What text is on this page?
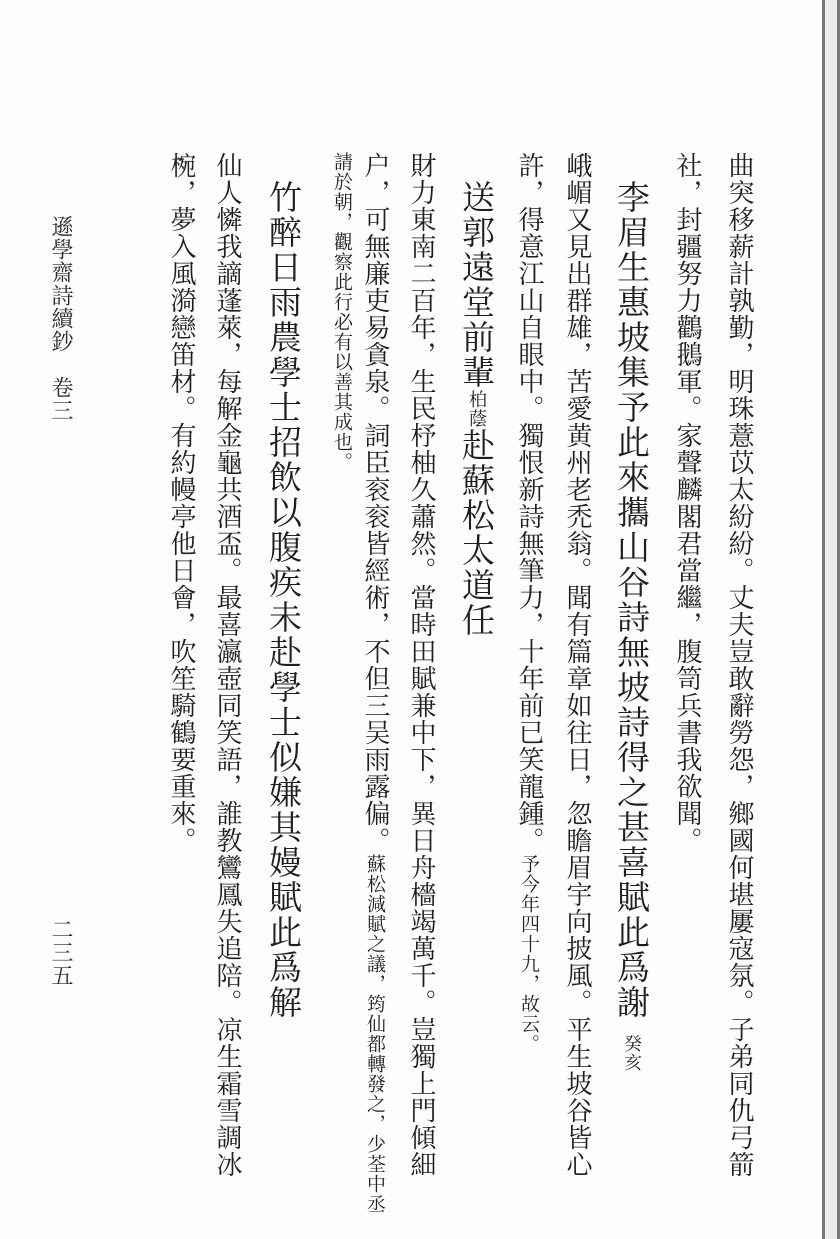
曲突移薪計孰勤，明珠薏苡太紛紛。丈夫豈敢辭勞怨，鄉國何堪屢寇氛。子弟同仇弓箭
社，封疆努力鸛鵝軍。家聲麟閣君當繼，腹笥兵書我欲聞。
李眉生惠坡集予此來攜山谷詩無坡詩得之甚喜賦此爲謝癸亥
峨嵋又見出群雄，苦愛黄州老禿翁。聞有篇章如往日，忽瞻眉宇向披風。平生坡谷皆心
許，得意江山自眼中。獨恨新詩無筆力，十年前已笑龍鍾。予今年四十九，故云。
送郭遠堂前輩柏蔭赴蘇松太道任
財力東南二百年，生民杼柚久蕭然。當時田賦兼中下，異日舟檣竭萬千。豈獨上門傾細
户，可無廉吏易貪泉。詞臣衮衮皆經術，不但三吴雨露偏。蘇松減賦之議，筠仙都轉發之，少荃中丞
請於朝，觀察此行必有以善其成也。
竹醉日雨農學士招飲以腹疾未赴學士似嫌其嫚賦此爲解
仙人憐我謫蓬萊，每解金龜共酒盃。最喜瀛壺同笑語，誰教鸞鳳失追陪。凉生霜雪調冰
椀，夢入風漪戀笛材。有約幔亭他日會，吹笙騎鶴要重來。
遜學齋詩續鈔　卷三
二三五
